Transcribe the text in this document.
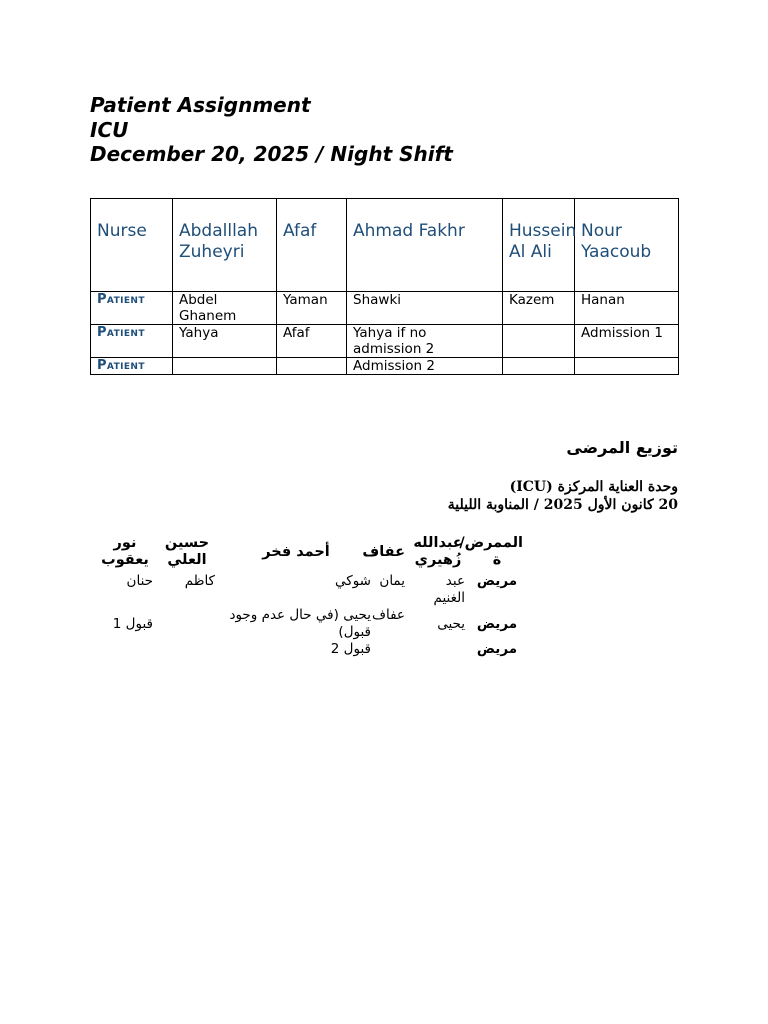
Patient Assignment
ICU
December 20, 2025 / Night Shift
Nurse	Abdalllah Zuheyri	Afaf	Ahmad Fakhr	Hussein Al Ali	Nour Yaacoub
Patient	Abdel Ghanem	Yaman	Shawki	Kazem	Hanan
Patient	Yahya	Afaf	Yahya if no admission 2		Admission 1
Patient			Admission 2		
توزيع المرضى
وحدة العناية المركزة (ICU)
20 كانون الأول 2025 / المناوبة الليلية
الممرض/ة	عبدالله زُهيري	عفاف	أحمد فخر	حسين العلي	نور يعقوب
مريض	عبد الغنيم	يمان	شوكي	كاظم	حنان
مريض	يحيى	عفاف	يحيى (في حال عدم وجود قبول)		قبول 1
مريض			قبول 2		
